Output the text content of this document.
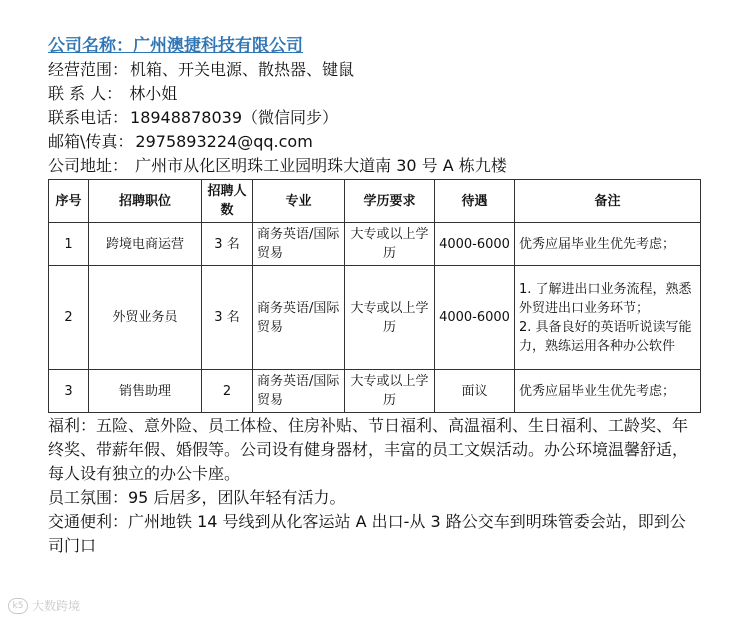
公司名称：广州澳捷科技有限公司
经营范围： 机箱、开关电源、散热器、键鼠
联 系 人： 林小姐
联系电话： 18948878039（微信同步）
邮箱\传真： 2975893224@qq.com
公司地址： 广州市从化区明珠工业园明珠大道南 30 号 A 栋九楼
序号	招聘职位	招聘人数	专业	学历要求	待遇	备注
1	跨境电商运营	3 名	商务英语/国际贸易	大专或以上学历	4000-6000	优秀应届毕业生优先考虑；

2	外贸业务员	3 名	商务英语/国际贸易	大专或以上学历	4000-6000	1. 了解进出口业务流程，熟悉外贸进出口业务环节；
2. 具备良好的英语听说读写能力，熟练运用各种办公软件

3	销售助理	2	商务英语/国际贸易	大专或以上学历	面议	优秀应届毕业生优先考虑；
福利：五险、意外险、员工体检、住房补贴、节日福利、高温福利、生日福利、工龄奖、年终奖、带薪年假、婚假等。公司设有健身器材，丰富的员工文娱活动。办公环境温馨舒适，每人设有独立的办公卡座。
员工氛围：95 后居多，团队年轻有活力。
交通便利：广州地铁 14 号线到从化客运站 A 出口-从 3 路公交车到明珠管委会站，即到公司门口
k5 大数跨境
